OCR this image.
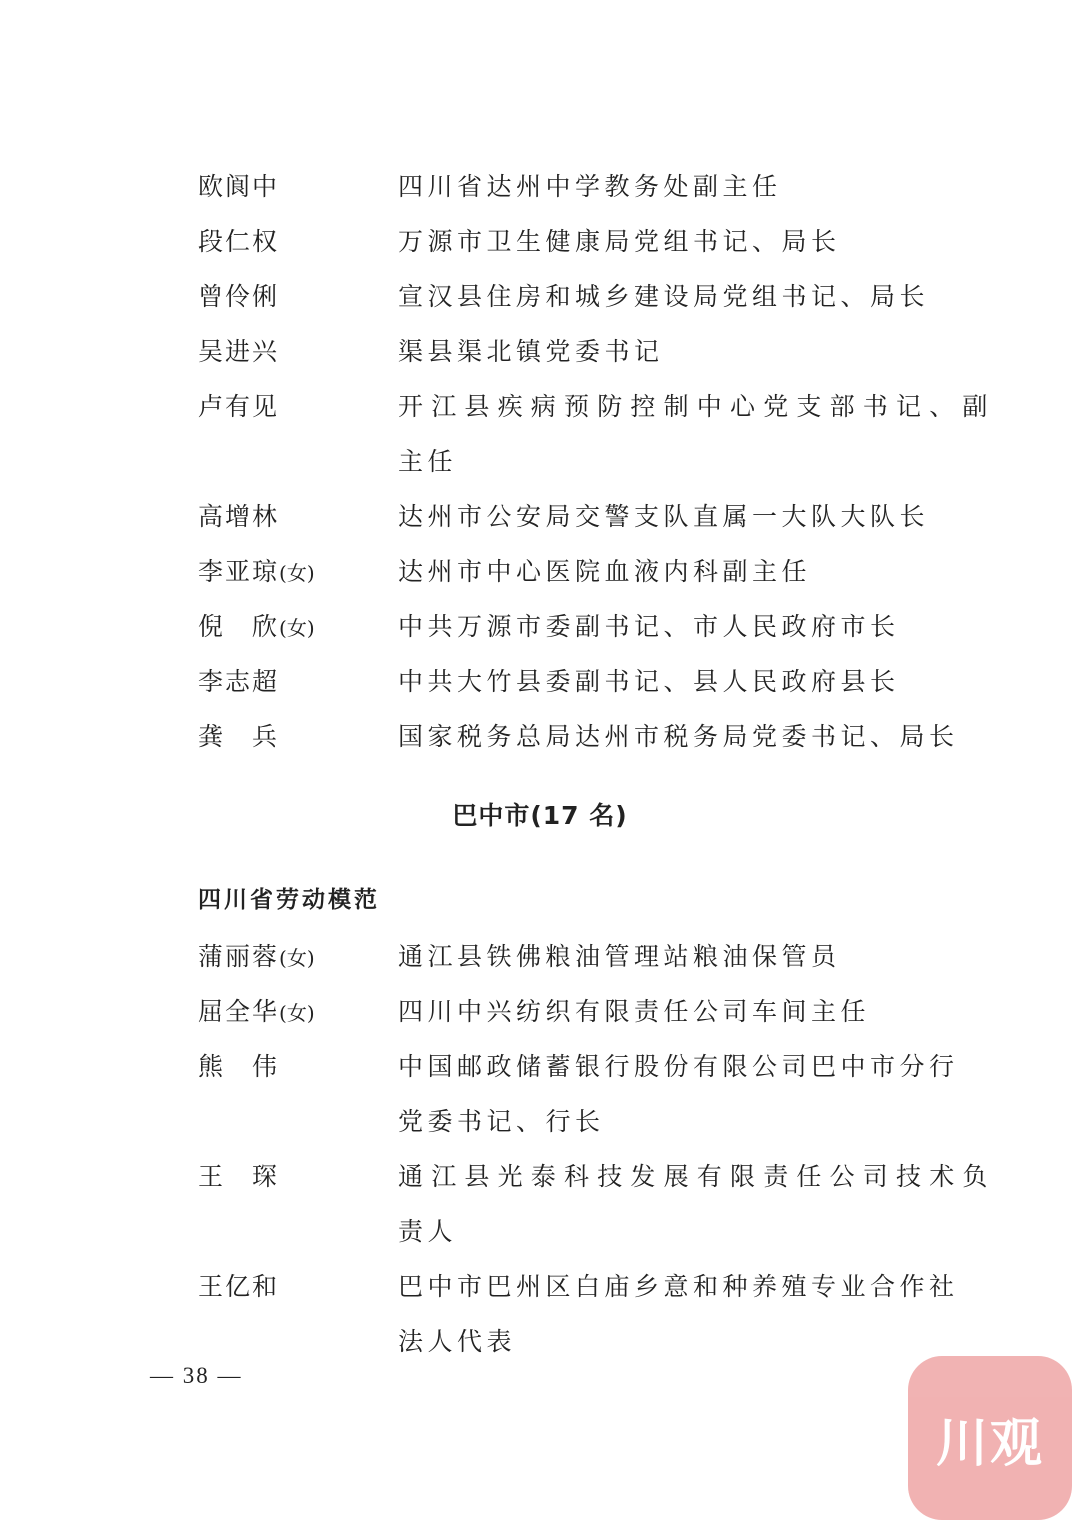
欧阆中	四川省达州中学教务处副主任
段仁权	万源市卫生健康局党组书记、局长
曾伶俐	宣汉县住房和城乡建设局党组书记、局长
吴进兴	渠县渠北镇党委书记
卢有见	开江县疾病预防控制中心党支部书记、副
主任
高增林	达州市公安局交警支队直属一大队大队长
李亚琼(女)	达州市中心医院血液内科副主任
倪　欣(女)	中共万源市委副书记、市人民政府市长
李志超	中共大竹县委副书记、县人民政府县长
龚　兵	国家税务总局达州市税务局党委书记、局长
巴中市(17 名)
四川省劳动模范
蒲丽蓉(女)	通江县铁佛粮油管理站粮油保管员
屈全华(女)	四川中兴纺织有限责任公司车间主任
熊　伟	中国邮政储蓄银行股份有限公司巴中市分行
党委书记、行长
王　琛	通江县光泰科技发展有限责任公司技术负
责人
王亿和	巴中市巴州区白庙乡意和种养殖专业合作社
法人代表
— 38 —
川观
